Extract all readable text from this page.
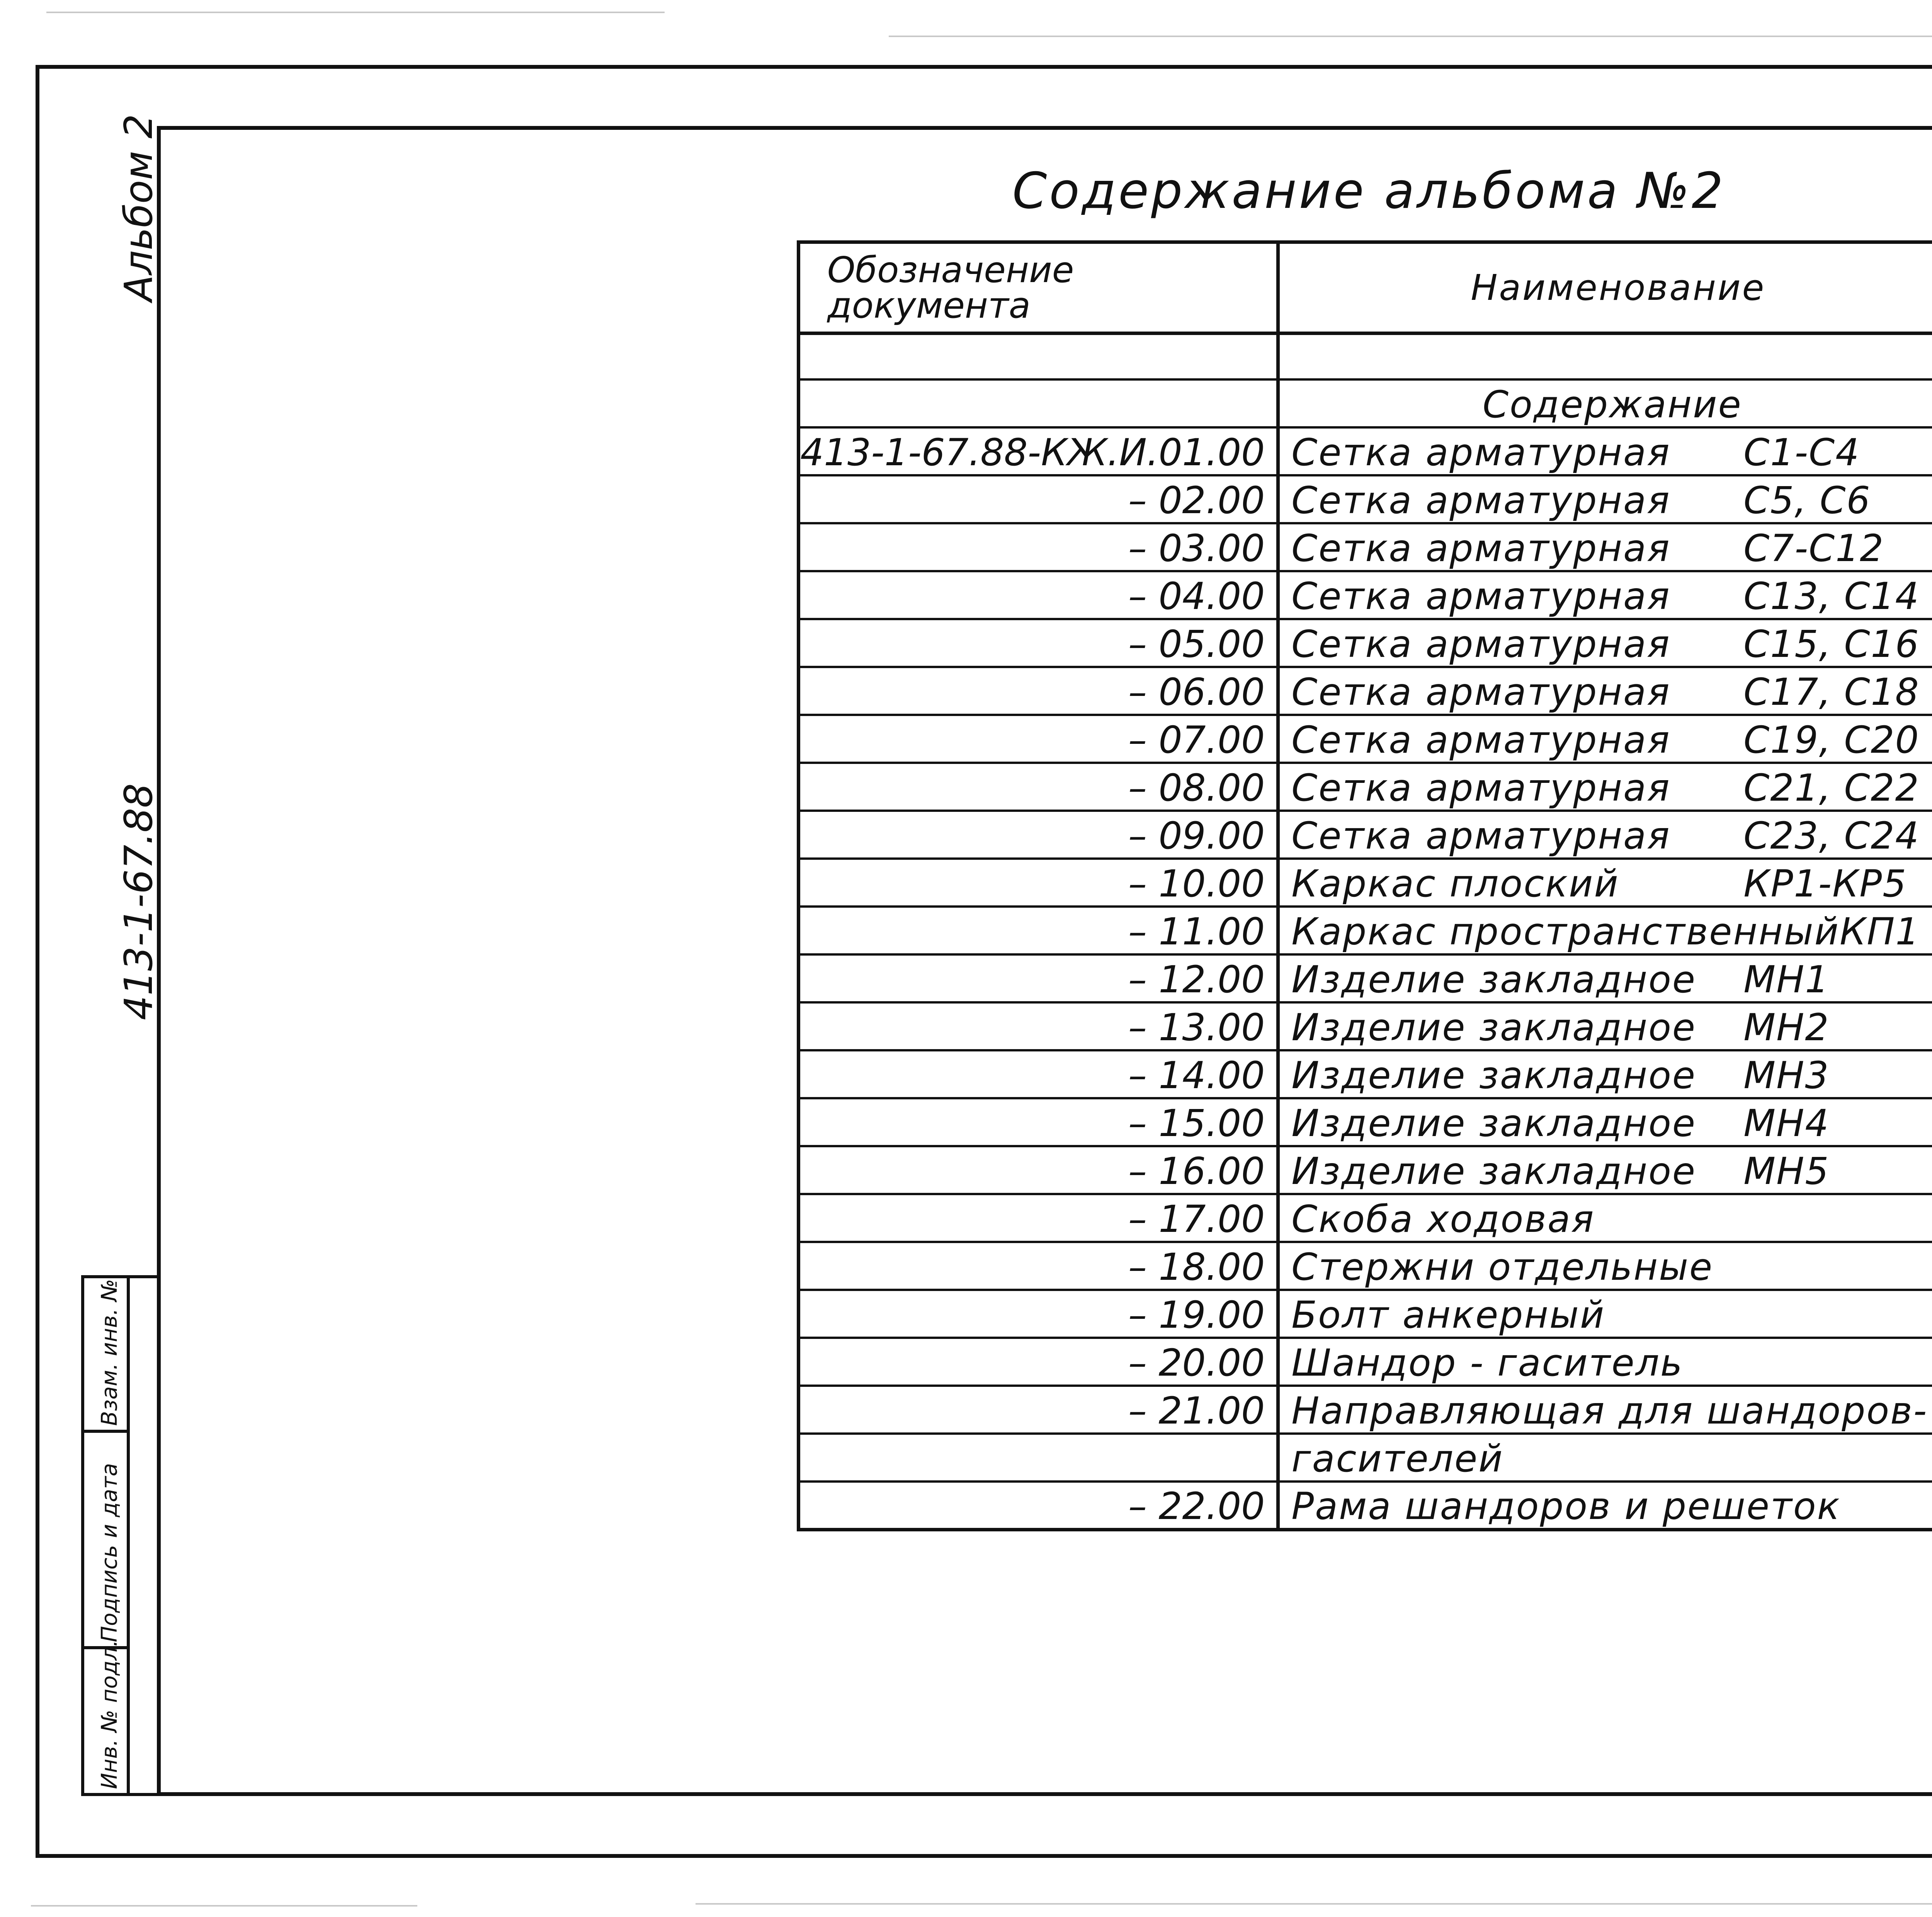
Альбом 2
413-1-67.88
Взам. инв. №
Подпись и дата
Инв. № подл.
Содержание альбома №2
Обозначение документа	Наименование	

	Содержание	
413-1-67.88-КЖ.И.01.00	Сетка арматурная С1-С4	
– 02.00	Сетка арматурная С5, С6	
– 03.00	Сетка арматурная С7-С12	
– 04.00	Сетка арматурная С13, С14	
– 05.00	Сетка арматурная С15, С16	
– 06.00	Сетка арматурная С17, С18	
– 07.00	Сетка арматурная С19, С20	
– 08.00	Сетка арматурная С21, С22	
– 09.00	Сетка арматурная С23, С24	
– 10.00	Каркас плоский КР1-КР5	
– 11.00	Каркас пространственныйКП1	
– 12.00	Изделие закладное МН1	
– 13.00	Изделие закладное МН2	
– 14.00	Изделие закладное МН3	
– 15.00	Изделие закладное МН4	
– 16.00	Изделие закладное МН5	
– 17.00	Скоба ходовая	
– 18.00	Стержни отдельные	
– 19.00	Болт анкерный	
– 20.00	Шандор - гаситель	
– 21.00	Направляющая для шандоров-	
	гасителей	
– 22.00	Рама шандоров и решеток	
